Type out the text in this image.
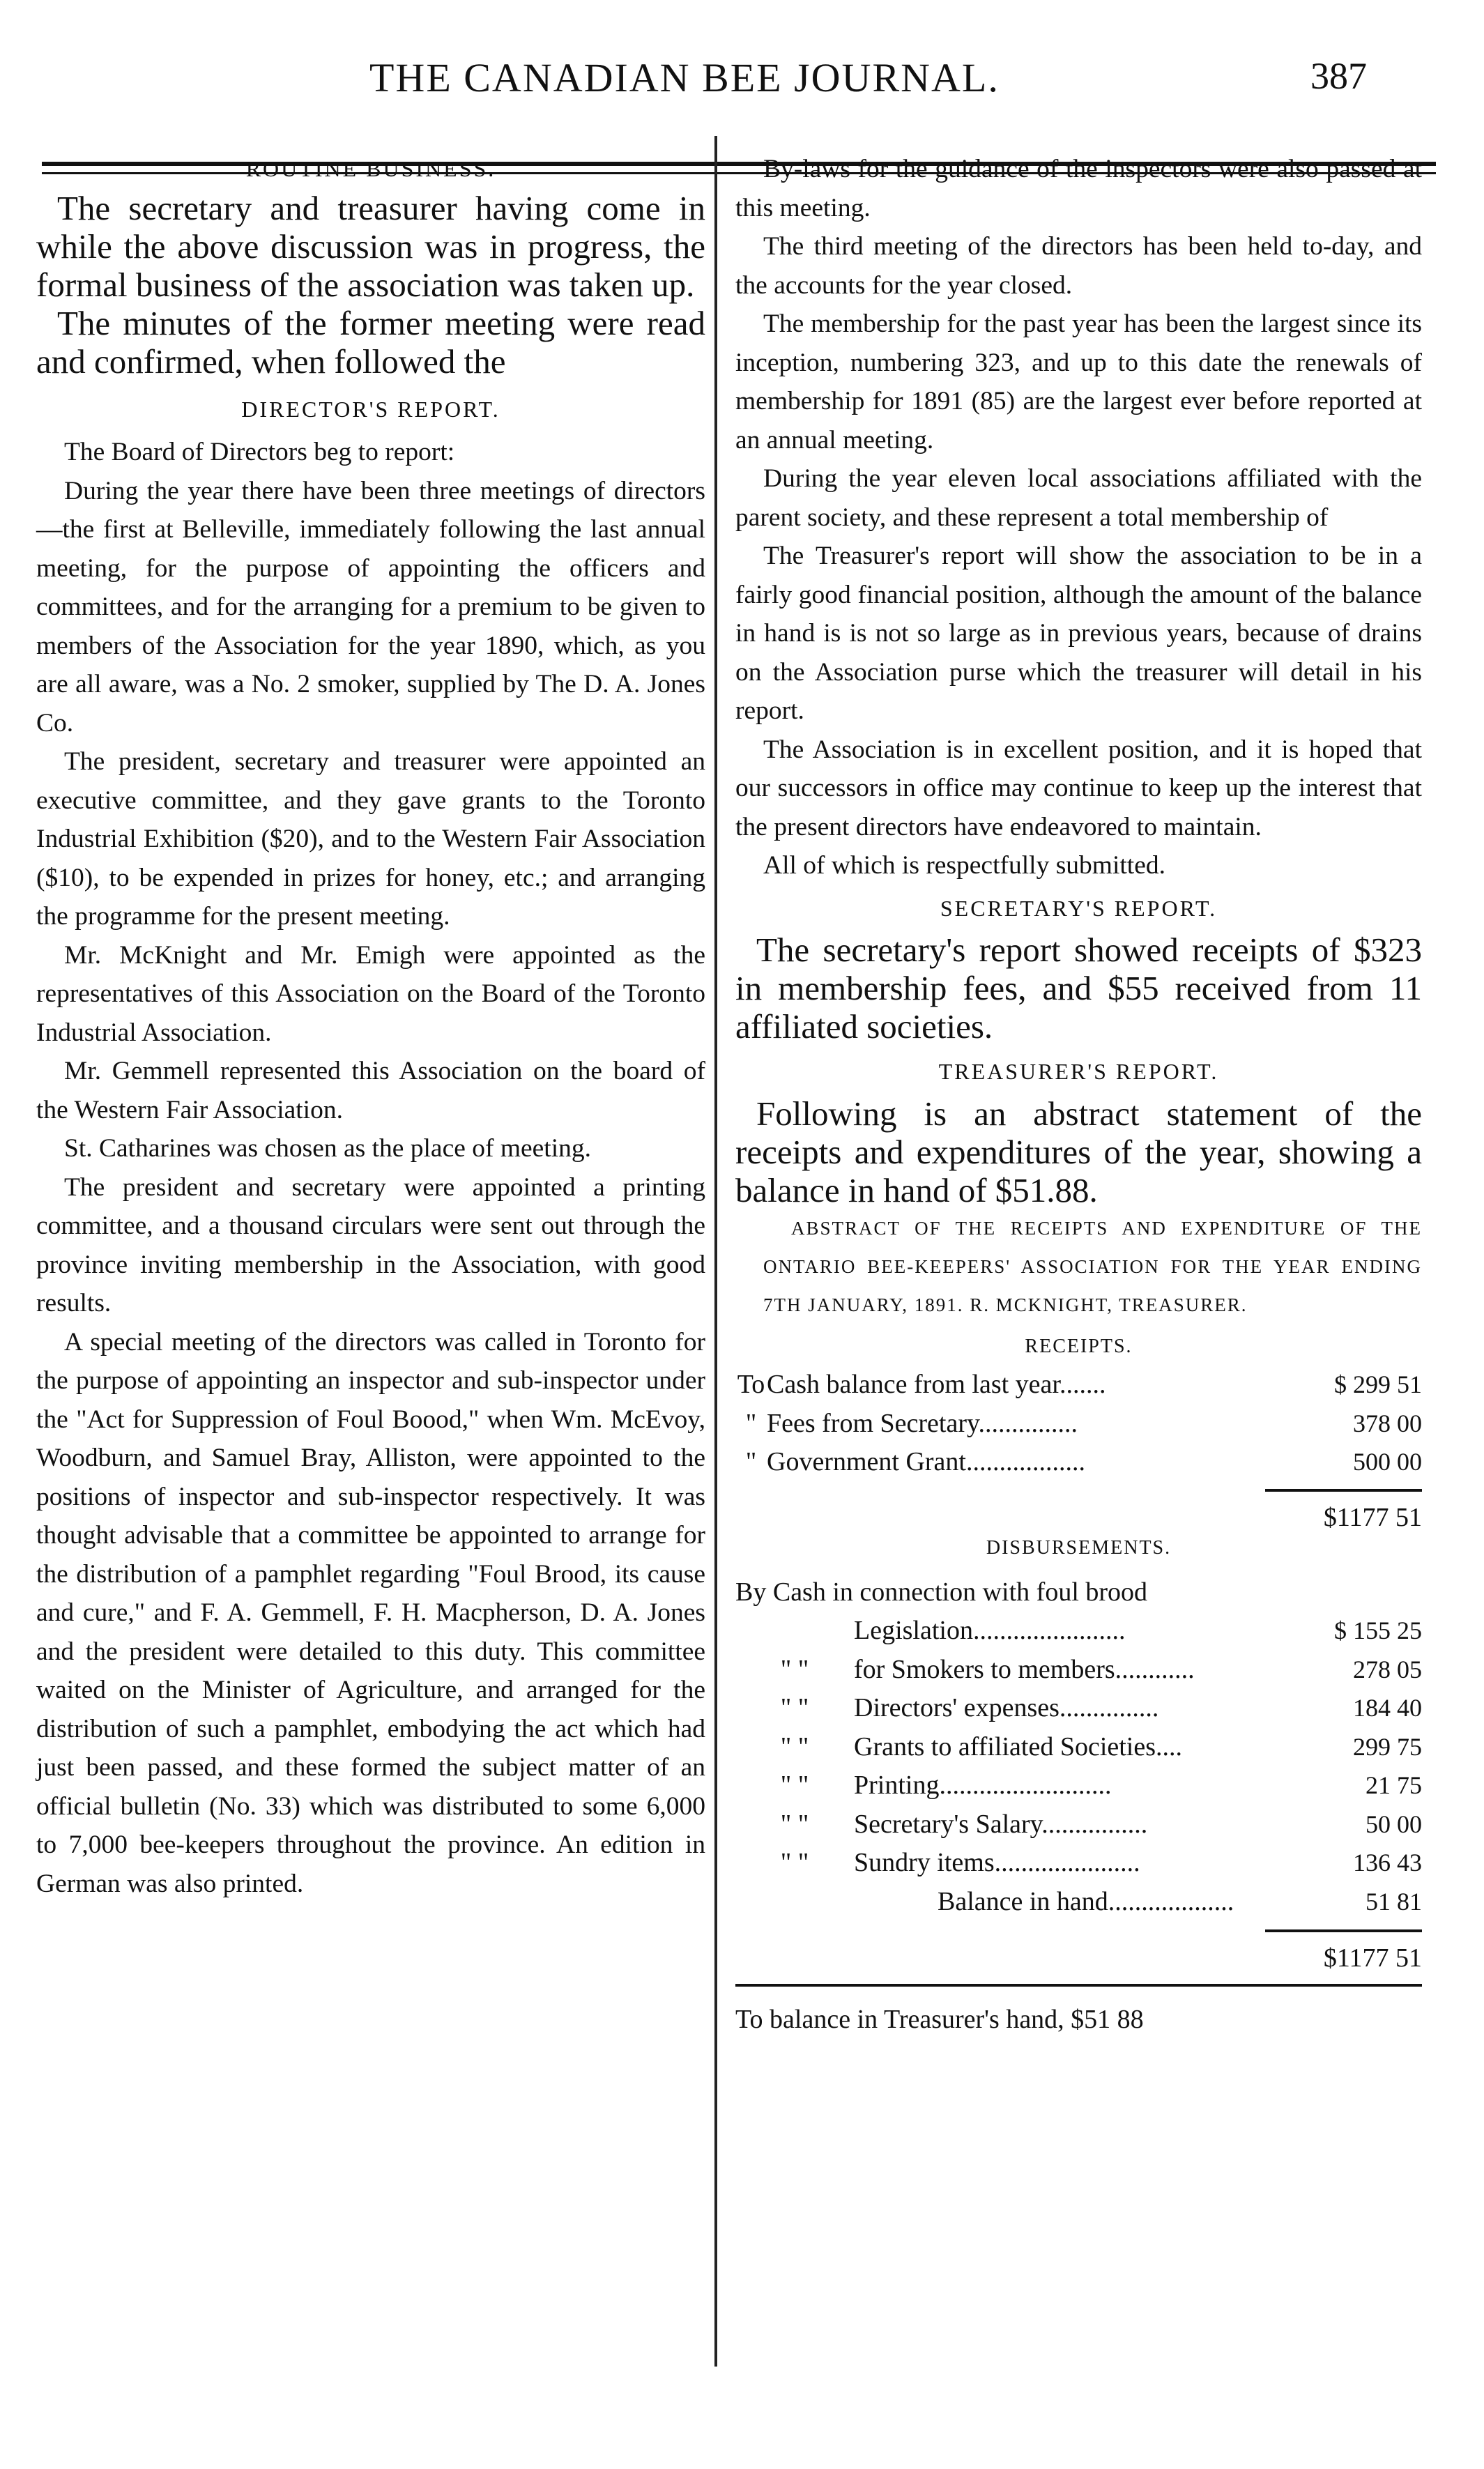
THE CANADIAN BEE JOURNAL.	387
ROUTINE BUSINESS.

The secretary and treasurer having come in while the above discussion was in progress, the formal business of the association was taken up.

The minutes of the former meeting were read and confirmed, when followed the

DIRECTOR'S REPORT.

The Board of Directors beg to report:

During the year there have been three meetings of directors—the first at Belleville, immediately following the last annual meeting, for the purpose of appointing the officers and committees, and for the arranging for a premium to be given to members of the Association for the year 1890, which, as you are all aware, was a No. 2 smoker, supplied by The D. A. Jones Co.

The president, secretary and treasurer were appointed an executive committee, and they gave grants to the Toronto Industrial Exhibition ($20), and to the Western Fair Association ($10), to be expended in prizes for honey, etc.; and arranging the programme for the present meeting.

Mr. McKnight and Mr. Emigh were appointed as the representatives of this Association on the Board of the Toronto Industrial Association.

Mr. Gemmell represented this Association on the board of the Western Fair Association.

St. Catharines was chosen as the place of meeting.

The president and secretary were appointed a printing committee, and a thousand circulars were sent out through the province inviting membership in the Association, with good results.

A special meeting of the directors was called in Toronto for the purpose of appointing an inspector and sub-inspector under the "Act for Suppression of Foul Boood," when Wm. McEvoy, Woodburn, and Samuel Bray, Alliston, were appointed to the positions of inspector and sub-inspector respectively. It was thought advisable that a committee be appointed to arrange for the distribution of a pamphlet regarding "Foul Brood, its cause and cure," and F. A. Gemmell, F. H. Macpherson, D. A. Jones and the president were detailed to this duty. This committee waited on the Minister of Agriculture, and arranged for the distribution of such a pamphlet, embodying the act which had just been passed, and these formed the subject matter of an official bulletin (No. 33) which was distributed to some 6,000 to 7,000 bee-keepers throughout the province. An edition in German was also printed.

By-laws for the guidance of the inspectors were also passed at this meeting.

The third meeting of the directors has been held to-day, and the accounts for the year closed.

The membership for the past year has been the largest since its inception, numbering 323, and up to this date the renewals of membership for 1891 (85) are the largest ever before reported at an annual meeting.

During the year eleven local associations affiliated with the parent society, and these represent a total membership of

The Treasurer's report will show the association to be in a fairly good financial position, although the amount of the balance in hand is is not so large as in previous years, because of drains on the Association purse which the treasurer will detail in his report.

The Association is in excellent position, and it is hoped that our successors in office may continue to keep up the interest that the present directors have endeavored to maintain.

All of which is respectfully submitted.

SECRETARY'S REPORT.

The secretary's report showed receipts of $323 in membership fees, and $55 received from 11 affiliated societies.

TREASURER'S REPORT.

Following is an abstract statement of the receipts and expenditures of the year, showing a balance in hand of $51.88.

ABSTRACT OF THE RECEIPTS AND EXPENDITURE OF THE ONTARIO BEE-KEEPERS' ASSOCIATION FOR THE YEAR ENDING 7TH JANUARY, 1891. R. MCKNIGHT, TREASURER.

RECEIPTS.
To	Cash balance from last year.......	$ 299 51
"	Fees from Secretary...............	378 00
"	Government Grant..................	500 00
$1177 51
DISBURSEMENTS.
By Cash in connection with foul brood
	Legislation.......................	$ 155 25
" "	for Smokers to members............	278 05
" "	Directors' expenses...............	184 40
" "	Grants to affiliated Societies....	299 75
" "	Printing..........................	21 75
" "	Secretary's Salary................	50 00
" "	Sundry items......................	136 43
	Balance in hand...................	51 81
$1177 51
To balance in Treasurer's hand, $51 88
